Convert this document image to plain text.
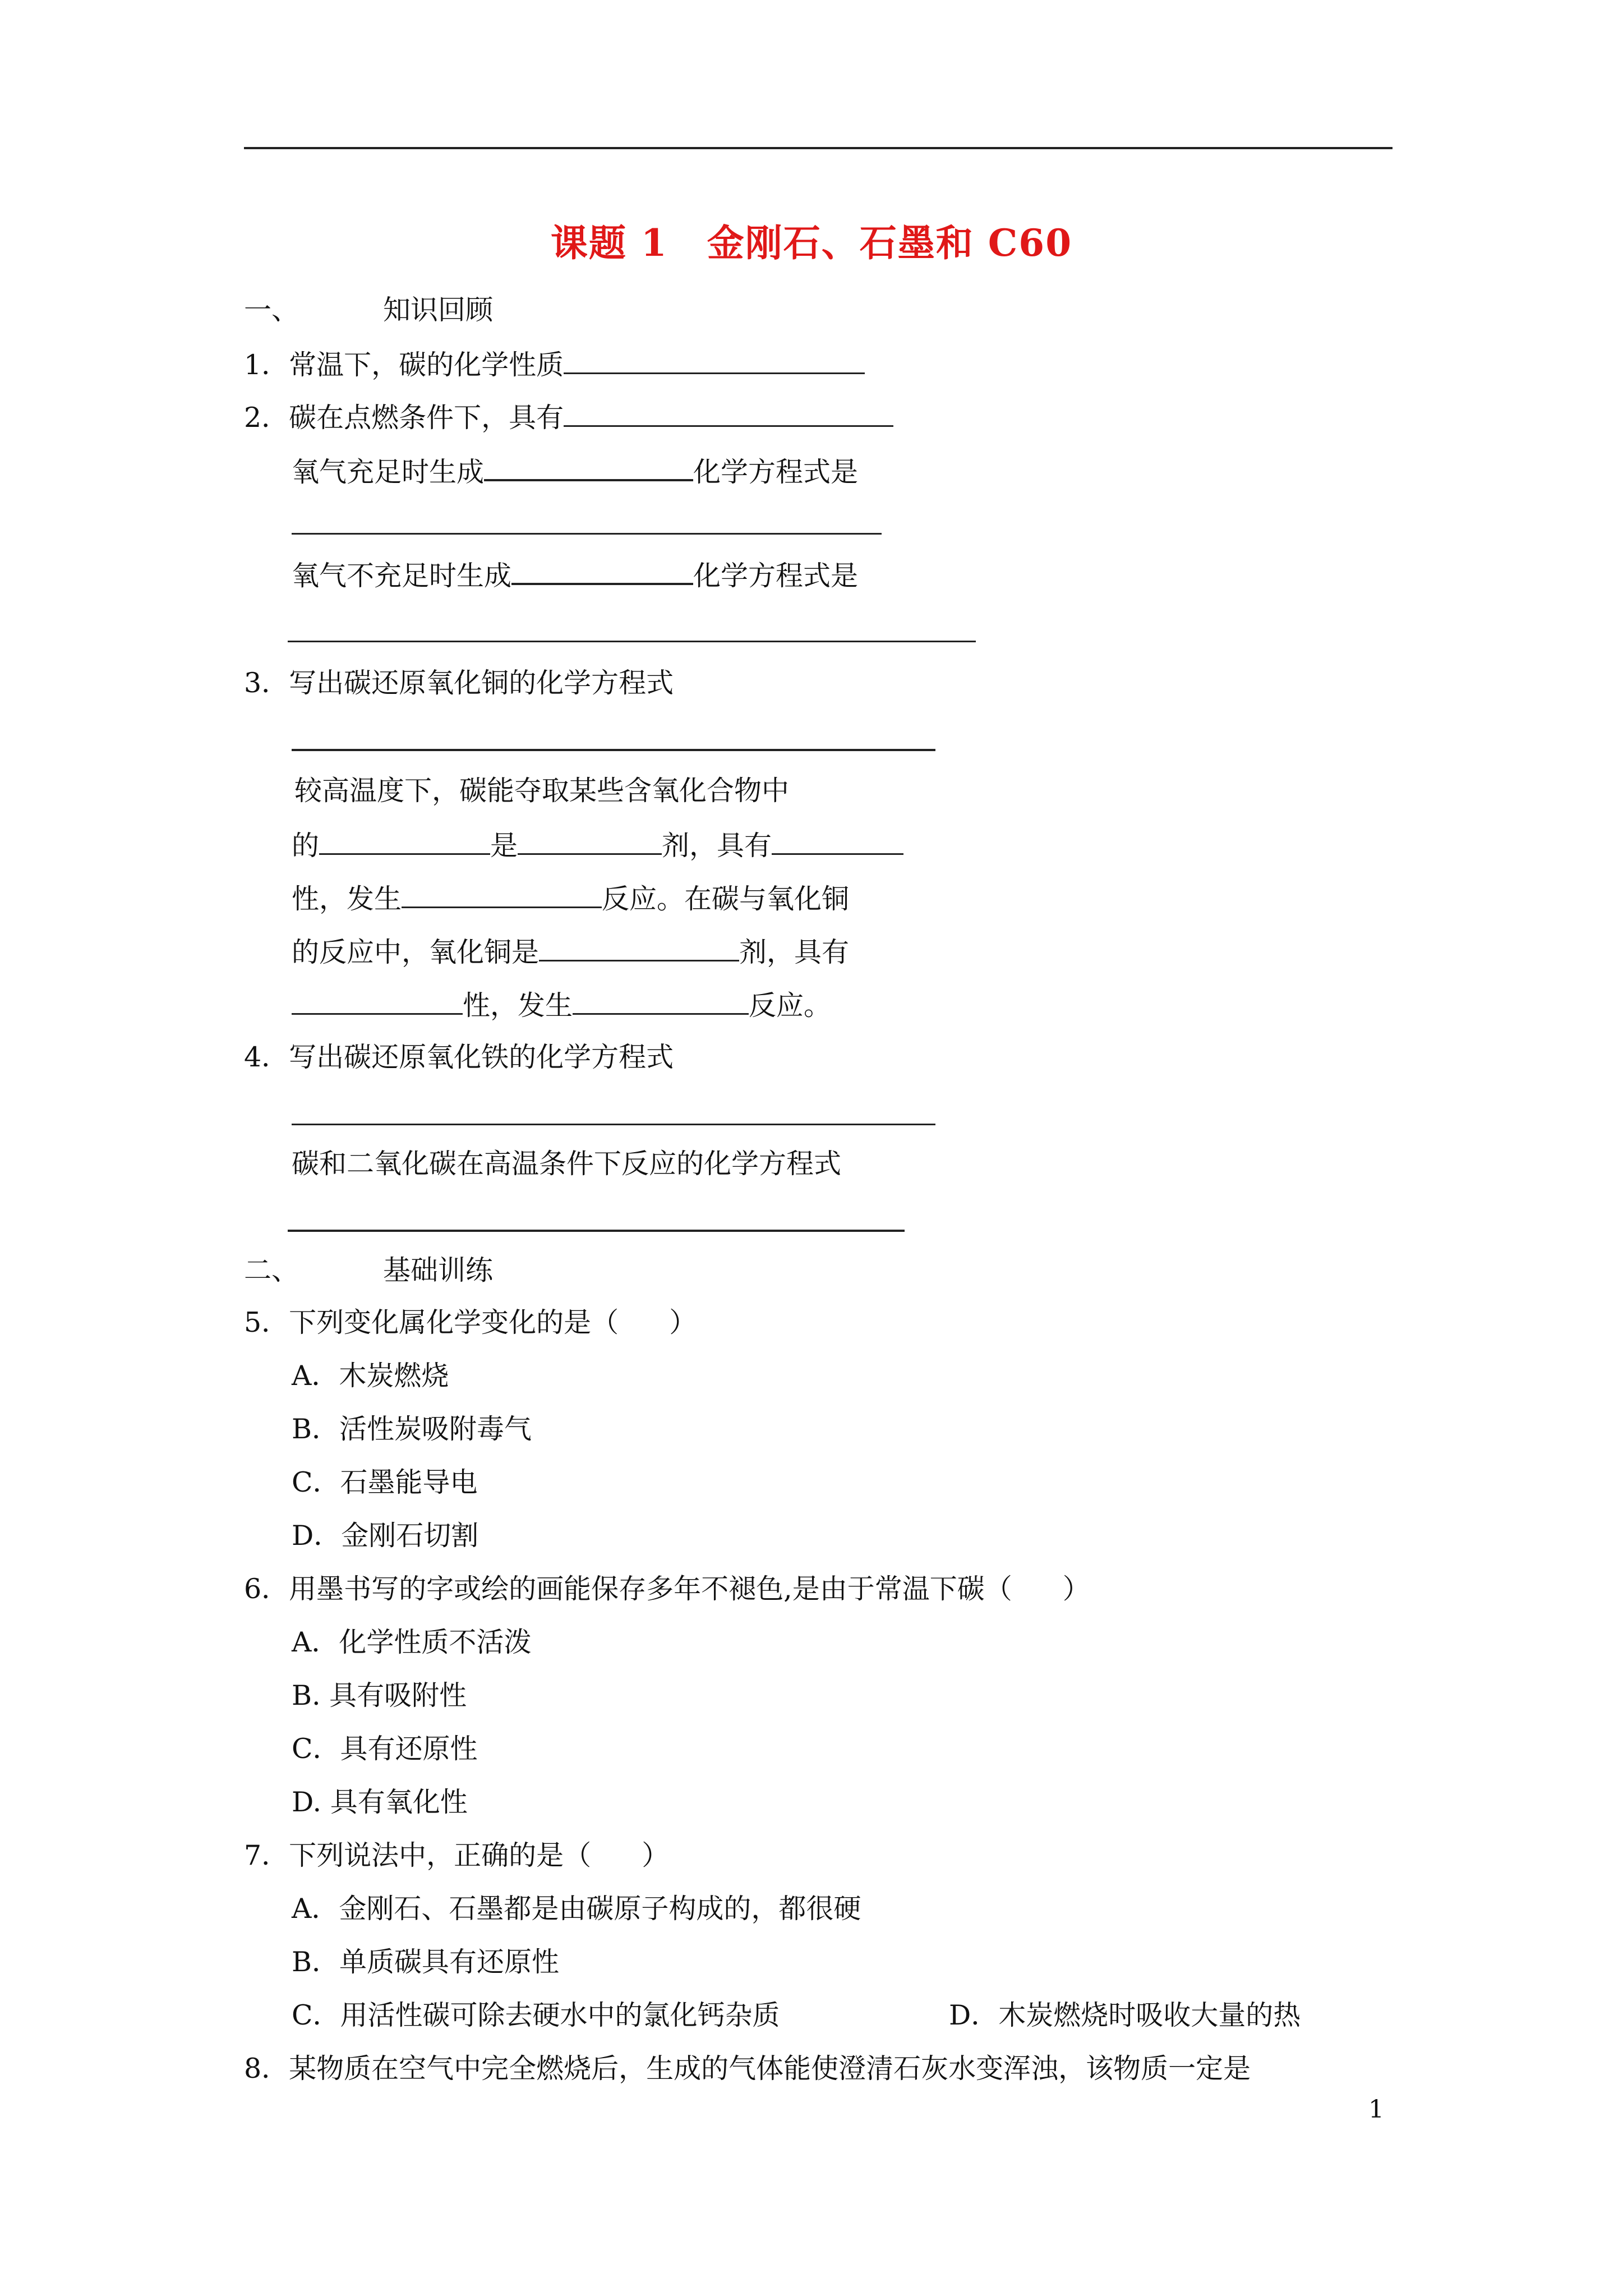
课题 1 金刚石、石墨和 C60
一、	知识回顾
1．常温下，碳的化学性质
2．碳在点燃条件下，具有
氧气充足时生成	化学方程式是
氧气不充足时生成	化学方程式是
3．写出碳还原氧化铜的化学方程式
较高温度下，碳能夺取某些含氧化合物中
的	是	剂，具有
性，发生	反应。在碳与氧化铜
的反应中，氧化铜是	剂，具有
性，发生	反应。
4．写出碳还原氧化铁的化学方程式
碳和二氧化碳在高温条件下反应的化学方程式
二、	基础训练
5．下列变化属化学变化的是（ ）
A．木炭燃烧
B．活性炭吸附毒气
C．石墨能导电
D．金刚石切割
6．用墨书写的字或绘的画能保存多年不褪色,是由于常温下碳（ ）
A．化学性质不活泼
B. 具有吸附性
C．具有还原性
D. 具有氧化性
7．下列说法中，正确的是（ ）
A．金刚石、石墨都是由碳原子构成的，都很硬
B．单质碳具有还原性
C．用活性碳可除去硬水中的氯化钙杂质	D．木炭燃烧时吸收大量的热
8．某物质在空气中完全燃烧后，生成的气体能使澄清石灰水变浑浊，该物质一定是
1
